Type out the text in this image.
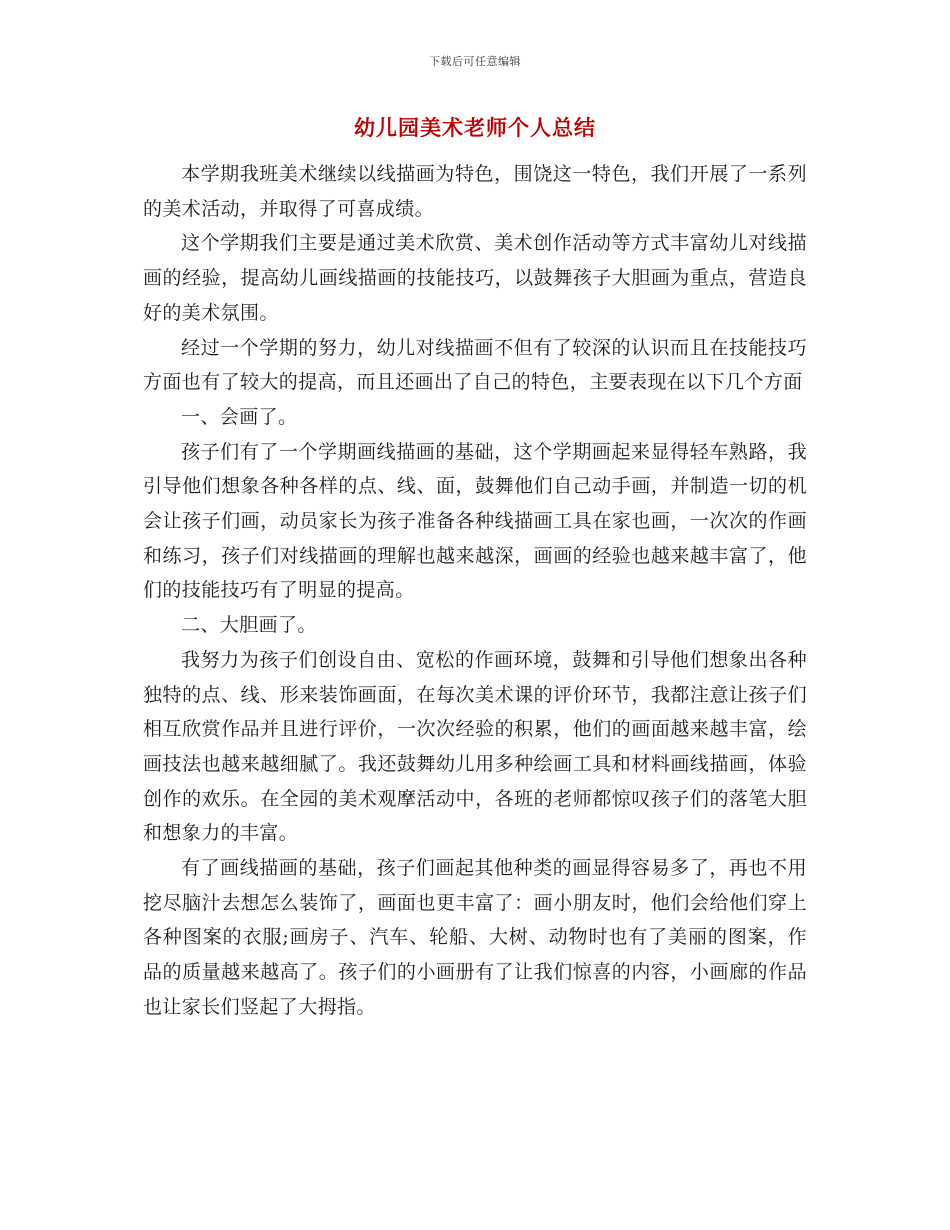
下载后可任意编辑
幼儿园美术老师个人总结

本学期我班美术继续以线描画为特色，围饶这一特色，我们开展了一系列的美术活动，并取得了可喜成绩。

这个学期我们主要是通过美术欣赏、美术创作活动等方式丰富幼儿对线描画的经验，提高幼儿画线描画的技能技巧，以鼓舞孩子大胆画为重点，营造良好的美术氛围。

经过一个学期的努力，幼儿对线描画不但有了较深的认识而且在技能技巧方面也有了较大的提高，而且还画出了自己的特色，主要表现在以下几个方面

一、会画了。

孩子们有了一个学期画线描画的基础，这个学期画起来显得轻车熟路，我引导他们想象各种各样的点、线、面，鼓舞他们自己动手画，并制造一切的机会让孩子们画，动员家长为孩子准备各种线描画工具在家也画，一次次的作画和练习，孩子们对线描画的理解也越来越深，画画的经验也越来越丰富了，他们的技能技巧有了明显的提高。

二、大胆画了。

我努力为孩子们创设自由、宽松的作画环境，鼓舞和引导他们想象出各种独特的点、线、形来装饰画面，在每次美术课的评价环节，我都注意让孩子们相互欣赏作品并且进行评价，一次次经验的积累，他们的画面越来越丰富，绘画技法也越来越细腻了。我还鼓舞幼儿用多种绘画工具和材料画线描画，体验创作的欢乐。在全园的美术观摩活动中，各班的老师都惊叹孩子们的落笔大胆和想象力的丰富。

有了画线描画的基础，孩子们画起其他种类的画显得容易多了，再也不用挖尽脑汁去想怎么装饰了，画面也更丰富了：画小朋友时，他们会给他们穿上各种图案的衣服;画房子、汽车、轮船、大树、动物时也有了美丽的图案，作品的质量越来越高了。孩子们的小画册有了让我们惊喜的内容，小画廊的作品也让家长们竖起了大拇指。
